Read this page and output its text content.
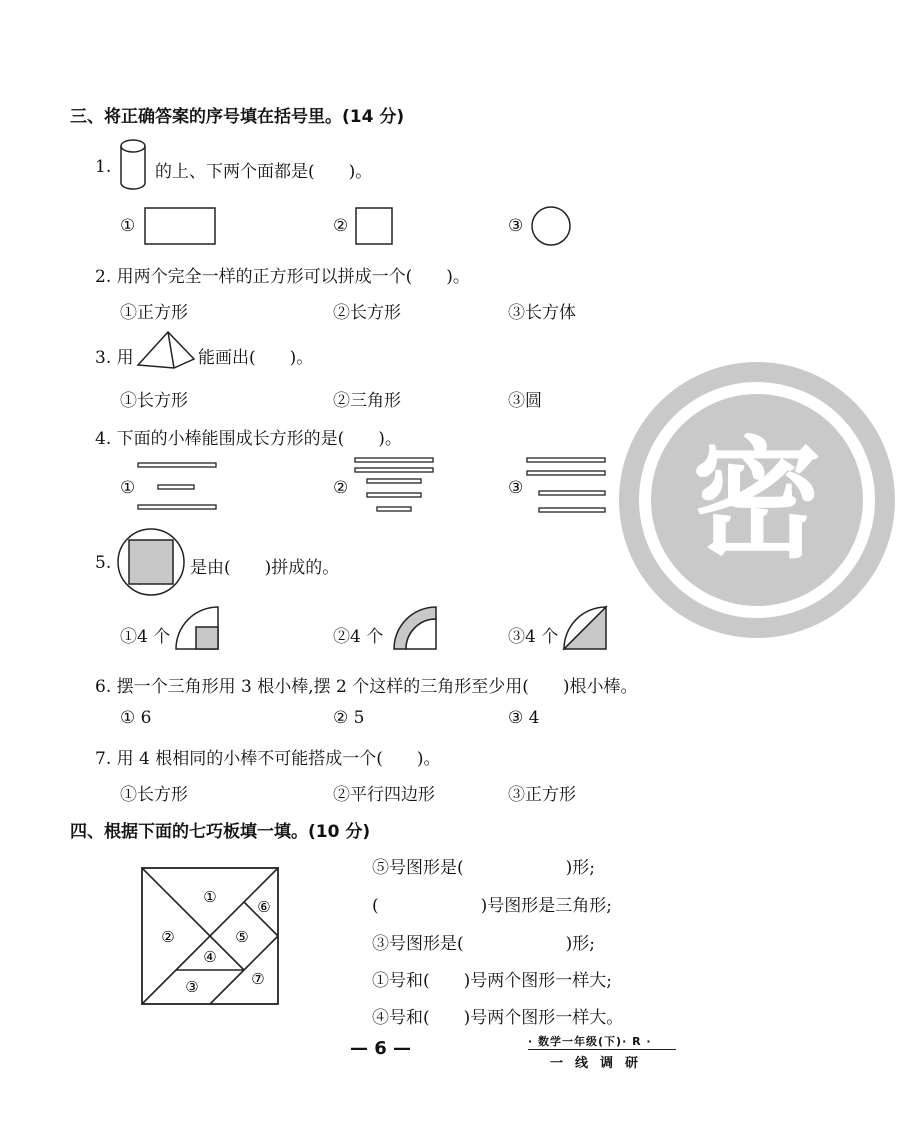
密
三、将正确答案的序号填在括号里。(14 分)
1.	的上、下两个面都是(　　)。
①	②	③
2. 用两个完全一样的正方形可以拼成一个(　　)。
①正方形	②长方形	③长方体
3. 用	能画出(　　)。
①长方形	②三角形	③圆
4. 下面的小棒能围成长方形的是(　　)。
①	②	③
5.	是由(　　)拼成的。
①4 个	②4 个	③4 个
6. 摆一个三角形用 3 根小棒,摆 2 个这样的三角形至少用(　　)根小棒。
① 6	② 5	③ 4
7. 用 4 根相同的小棒不可能搭成一个(　　)。
①长方形	②平行四边形	③正方形
四、根据下面的七巧板填一填。(10 分)
①
②
③
④
⑤
⑥
⑦
⑤号图形是(　　　　　　)形;
(　　　　　　)号图形是三角形;
③号图形是(　　　　　　)形;
①号和(　　)号两个图形一样大;
④号和(　　)号两个图形一样大。
— 6 —	· 数学一年级(下)· R ·
一线调研
